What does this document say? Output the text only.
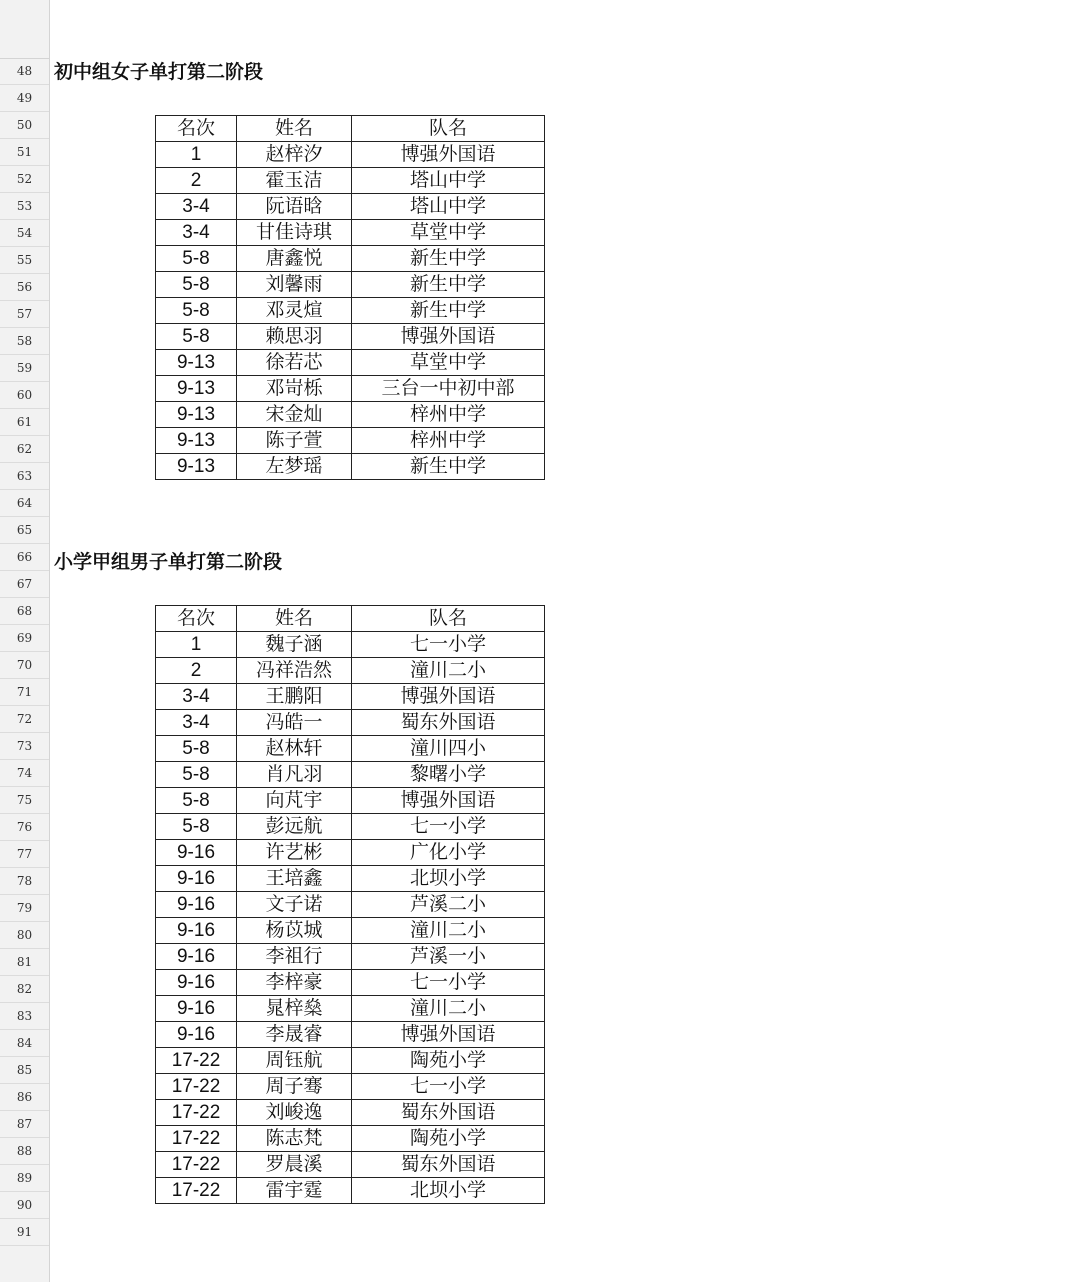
48
49
50
51
52
53
54
55
56
57
58
59
60
61
62
63
64
65
66
67
68
69
70
71
72
73
74
75
76
77
78
79
80
81
82
83
84
85
86
87
88
89
90
91
初中组女子单打第二阶段
名次	姓名	队名
1	赵梓汐	博强外国语
2	霍玉洁	塔山中学
3-4	阮语晗	塔山中学
3-4	甘佳诗琪	草堂中学
5-8	唐鑫悦	新生中学
5-8	刘馨雨	新生中学
5-8	邓灵煊	新生中学
5-8	赖思羽	博强外国语
9-13	徐若芯	草堂中学
9-13	邓岢栎	三台一中初中部
9-13	宋金灿	梓州中学
9-13	陈子萱	梓州中学
9-13	左梦瑶	新生中学
小学甲组男子单打第二阶段
名次	姓名	队名
1	魏子涵	七一小学
2	冯祥浩然	潼川二小
3-4	王鹏阳	博强外国语
3-4	冯皓一	蜀东外国语
5-8	赵林轩	潼川四小
5-8	肖凡羽	黎曙小学
5-8	向芃宇	博强外国语
5-8	彭远航	七一小学
9-16	许艺彬	广化小学
9-16	王培鑫	北坝小学
9-16	文子诺	芦溪二小
9-16	杨苡城	潼川二小
9-16	李祖行	芦溪一小
9-16	李梓豪	七一小学
9-16	晁梓燊	潼川二小
9-16	李晟睿	博强外国语
17-22	周钰航	陶苑小学
17-22	周子骞	七一小学
17-22	刘峻逸	蜀东外国语
17-22	陈志梵	陶苑小学
17-22	罗晨溪	蜀东外国语
17-22	雷宇霆	北坝小学
